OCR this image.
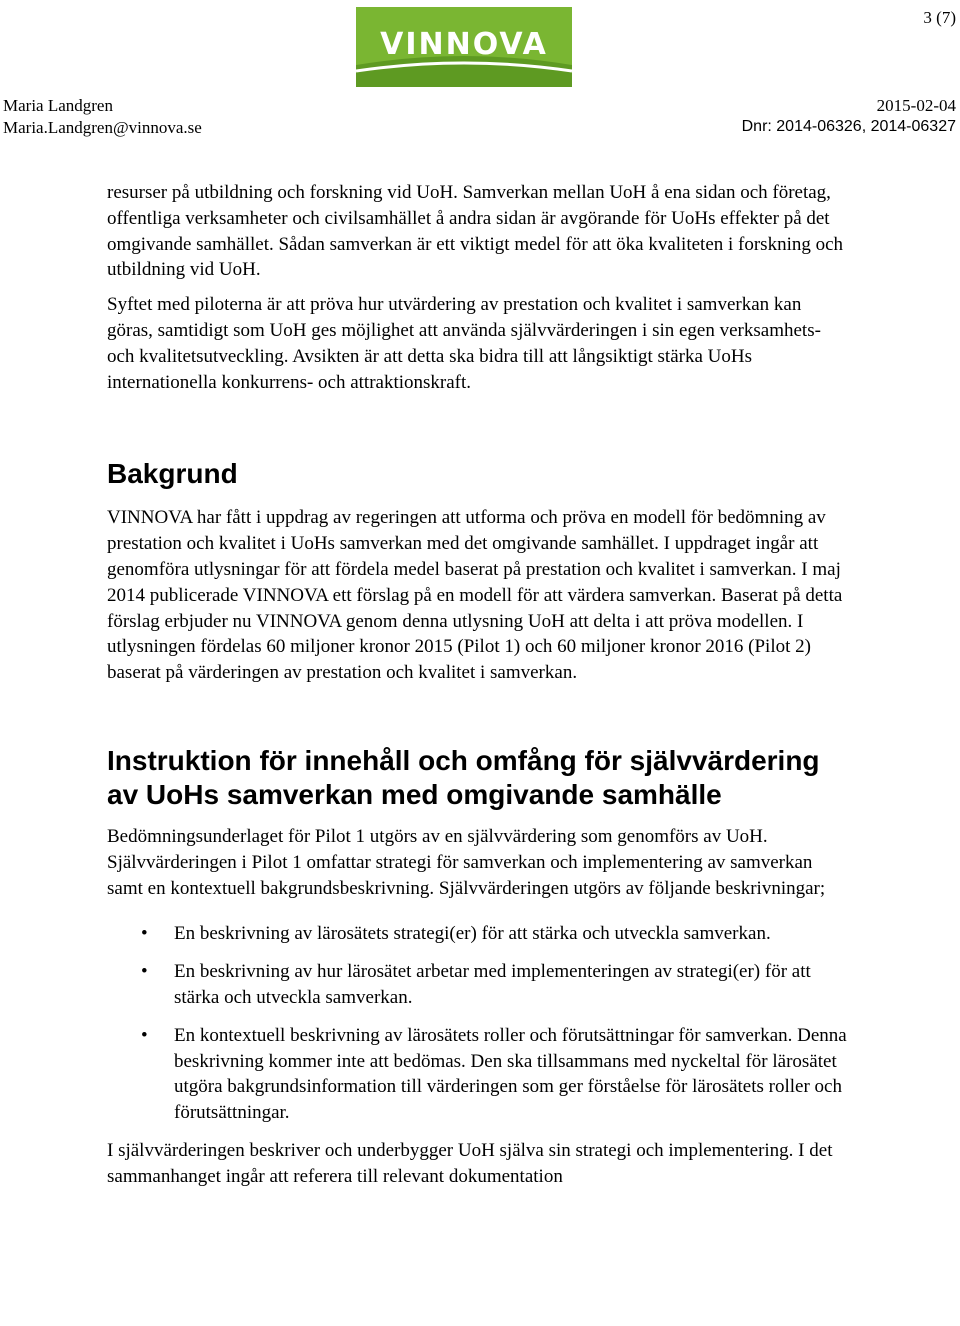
3 (7)
VINNOVA
Maria Landgren
Maria.Landgren@vinnova.se
2015-02-04
Dnr: 2014-06326, 2014-06327

resurser på utbildning och forskning vid UoH. Samverkan mellan UoH å ena sidan och företag, offentliga verksamheter och civilsamhället å andra sidan är avgörande för UoHs effekter på det omgivande samhället. Sådan samverkan är ett viktigt medel för att öka kvaliteten i forskning och utbildning vid UoH.

Syftet med piloterna är att pröva hur utvärdering av prestation och kvalitet i samverkan kan göras, samtidigt som UoH ges möjlighet att använda självvärderingen i sin egen verksamhets- och kvalitetsutveckling. Avsikten är att detta ska bidra till att långsiktigt stärka UoHs internationella konkurrens- och attraktionskraft.

Bakgrund

VINNOVA har fått i uppdrag av regeringen att utforma och pröva en modell för bedömning av prestation och kvalitet i UoHs samverkan med det omgivande samhället. I uppdraget ingår att genomföra utlysningar för att fördela medel baserat på prestation och kvalitet i samverkan. I maj 2014 publicerade VINNOVA ett förslag på en modell för att värdera samverkan. Baserat på detta förslag erbjuder nu VINNOVA genom denna utlysning UoH att delta i att pröva modellen. I utlysningen fördelas 60 miljoner kronor 2015 (Pilot 1) och 60 miljoner kronor 2016 (Pilot 2) baserat på värderingen av prestation och kvalitet i samverkan.

Instruktion för innehåll och omfång för självvärdering av UoHs samverkan med omgivande samhälle

Bedömningsunderlaget för Pilot 1 utgörs av en självvärdering som genomförs av UoH. Självvärderingen i Pilot 1 omfattar strategi för samverkan och implementering av samverkan samt en kontextuell bakgrundsbeskrivning. Självvärderingen utgörs av följande beskrivningar;

• En beskrivning av lärosätets strategi(er) för att stärka och utveckla samverkan.
• En beskrivning av hur lärosätet arbetar med implementeringen av strategi(er) för att stärka och utveckla samverkan.
• En kontextuell beskrivning av lärosätets roller och förutsättningar för samverkan. Denna beskrivning kommer inte att bedömas. Den ska tillsammans med nyckeltal för lärosätet utgöra bakgrundsinformation till värderingen som ger förståelse för lärosätets roller och förutsättningar.

I självvärderingen beskriver och underbygger UoH själva sin strategi och implementering. I det sammanhanget ingår att referera till relevant dokumentation
